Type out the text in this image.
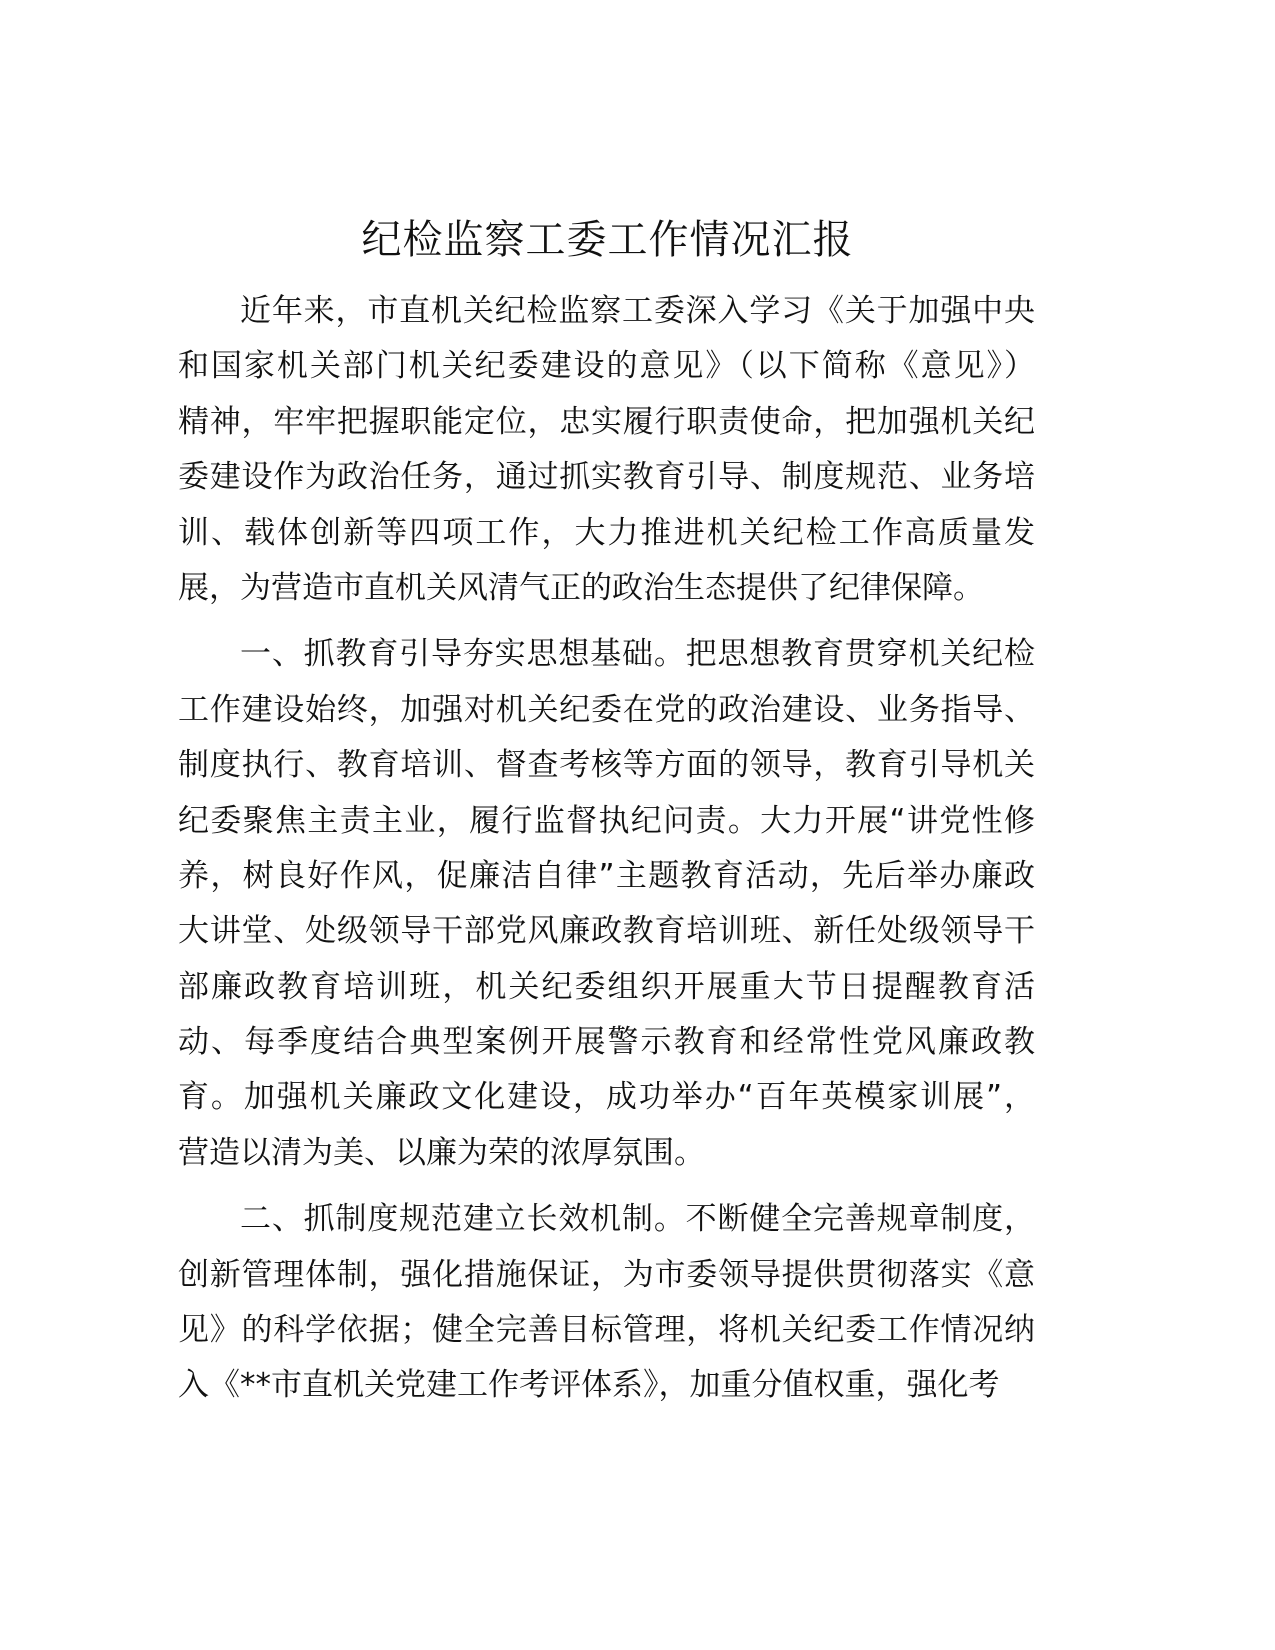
纪检监察工委工作情况汇报
近年来，市直机关纪检监察工委深入学习《关于加强中央
和国家机关部门机关纪委建设的意见》（以下简称《意见》）
精神，牢牢把握职能定位，忠实履行职责使命，把加强机关纪
委建设作为政治任务，通过抓实教育引导、制度规范、业务培
训、载体创新等四项工作，大力推进机关纪检工作高质量发
展，为营造市直机关风清气正的政治生态提供了纪律保障。
一、抓教育引导夯实思想基础。把思想教育贯穿机关纪检
工作建设始终，加强对机关纪委在党的政治建设、业务指导、
制度执行、教育培训、督查考核等方面的领导，教育引导机关
纪委聚焦主责主业，履行监督执纪问责。大力开展“讲党性修
养，树良好作风，促廉洁自律”主题教育活动，先后举办廉政
大讲堂、处级领导干部党风廉政教育培训班、新任处级领导干
部廉政教育培训班，机关纪委组织开展重大节日提醒教育活
动、每季度结合典型案例开展警示教育和经常性党风廉政教
育。加强机关廉政文化建设，成功举办“百年英模家训展”，
营造以清为美、以廉为荣的浓厚氛围。
二、抓制度规范建立长效机制。不断健全完善规章制度，
创新管理体制，强化措施保证，为市委领导提供贯彻落实《意
见》的科学依据；健全完善目标管理，将机关纪委工作情况纳
入《**市直机关党建工作考评体系》，加重分值权重，强化考
